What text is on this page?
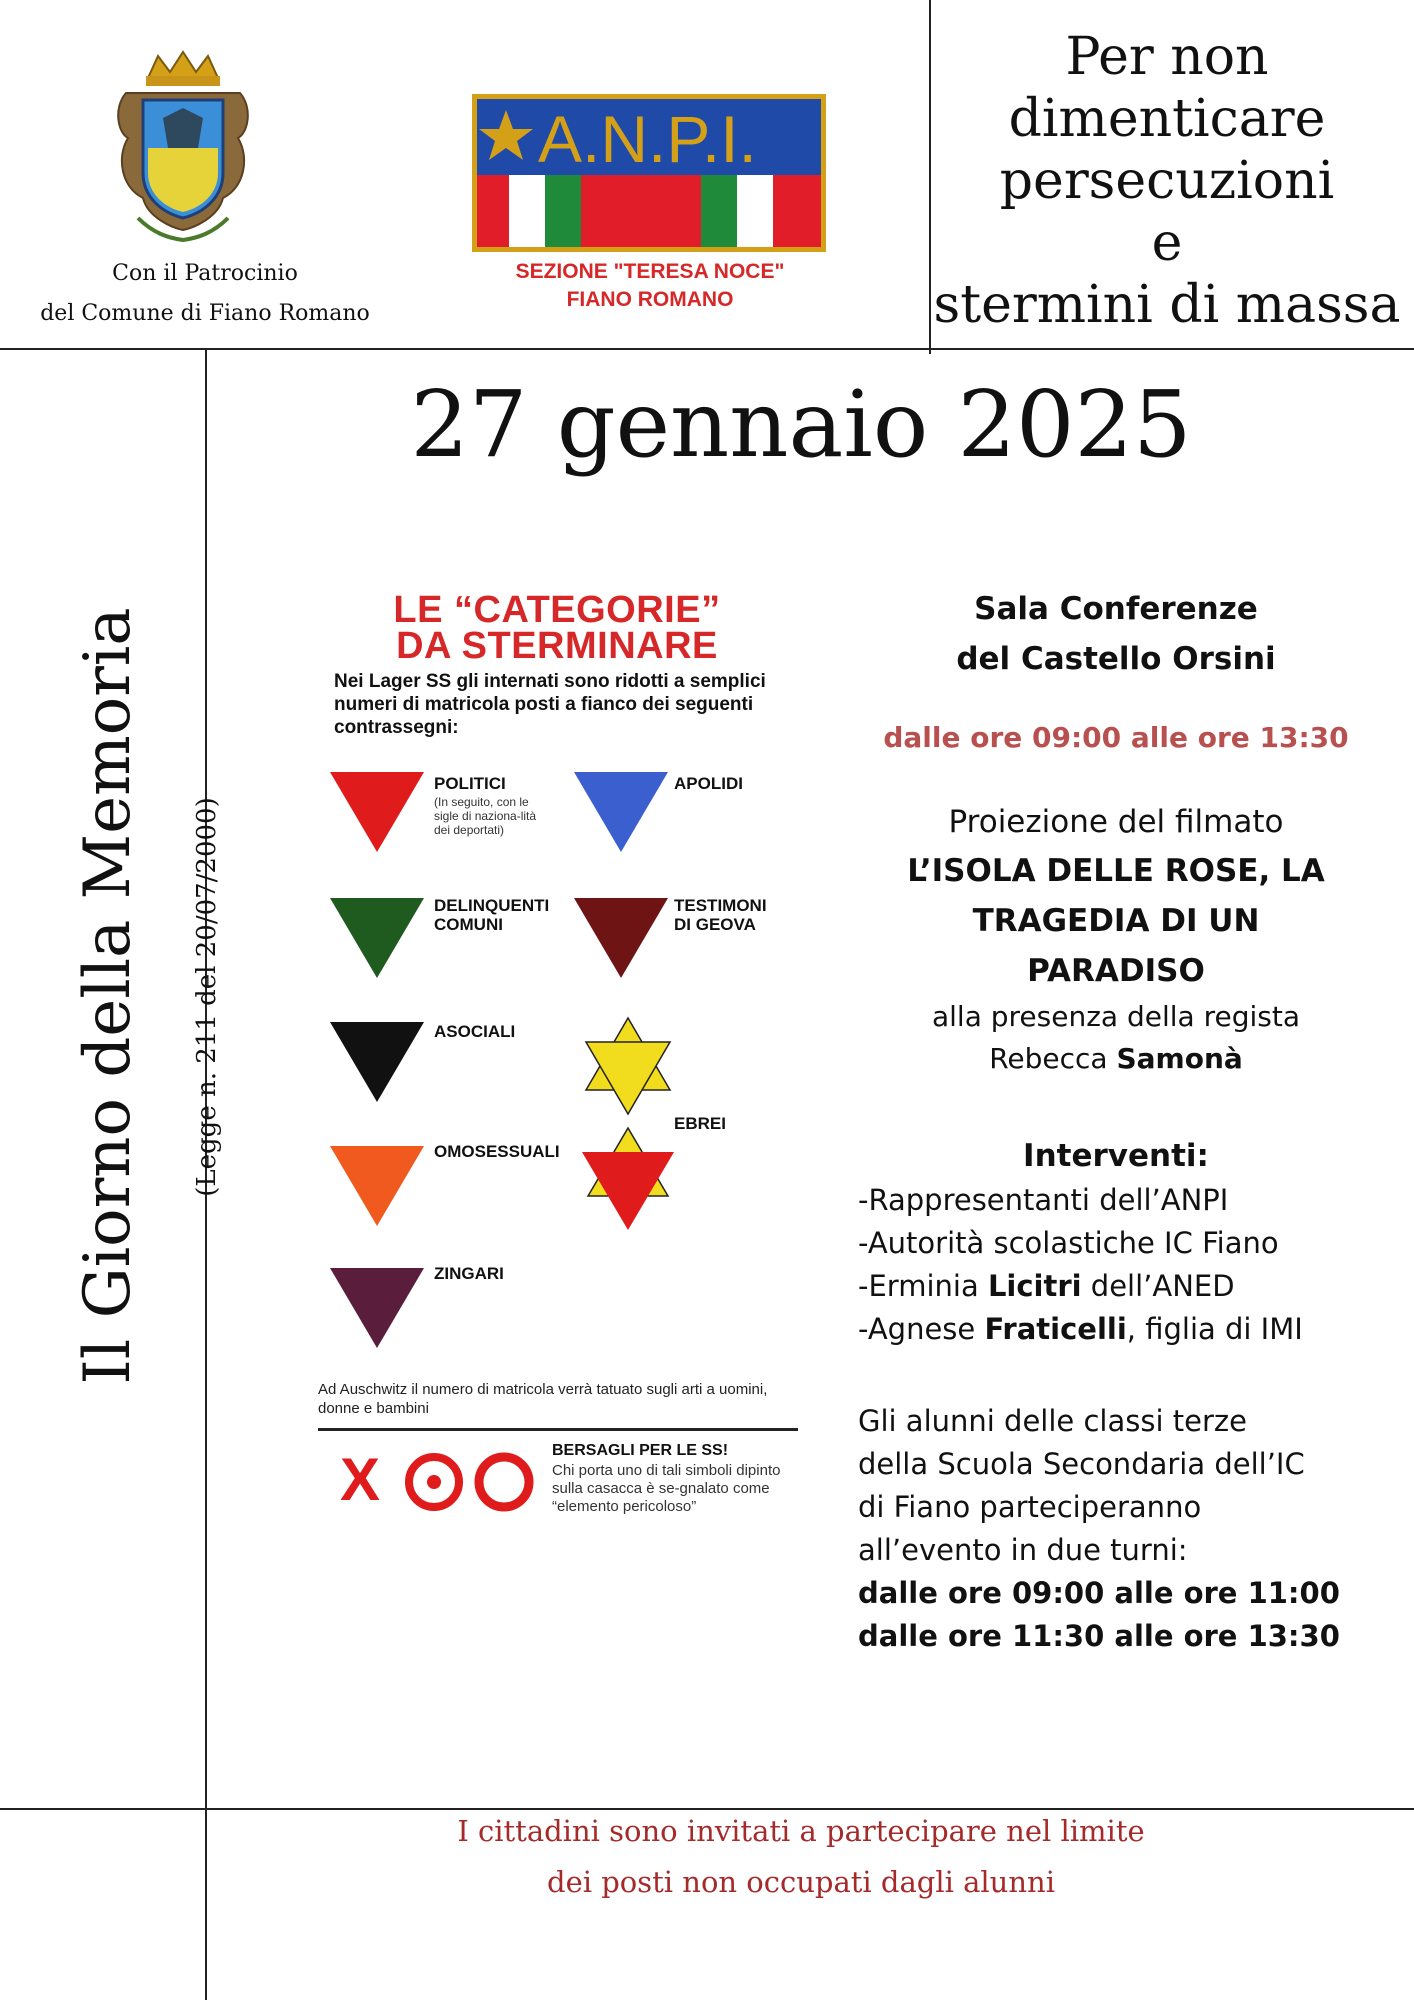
Con il Patrocinio
del Comune di Fiano Romano
A.N.P.I.
SEZIONE "TERESA NOCE"
FIANO ROMANO
Per non
dimenticare
persecuzioni
e
stermini di massa
27 gennaio 2025
Il Giorno della Memoria	(Legge n. 211 del 20/07/2000)
LE “CATEGORIE”
DA STERMINARE
Nei Lager SS gli internati sono ridotti a semplici numeri di matricola posti a fianco dei seguenti contrassegni:
POLITICI
(In seguito, con le sigle di naziona-lità dei deportati)
APOLIDI
DELINQUENTI COMUNI
TESTIMONI DI GEOVA
ASOCIALI
EBREI
OMOSESSUALI
ZINGARI
Ad Auschwitz il numero di matricola verrà tatuato sugli arti a uomini, donne e bambini
X	BERSAGLI PER LE SS!
Chi porta uno di tali simboli dipinto sulla casacca è se-gnalato come “elemento pericoloso”
Sala Conferenze
del Castello Orsini
dalle ore 09:00 alle ore 13:30
Proiezione del filmato
L’ISOLA DELLE ROSE, LA
TRAGEDIA DI UN
PARADISO
alla presenza della regista
Rebecca Samonà
Interventi:
-Rappresentanti dell’ANPI
-Autorità scolastiche IC Fiano
-Erminia Licitri dell’ANED
-Agnese Fraticelli, figlia di IMI
Gli alunni delle classi terze
della Scuola Secondaria dell’IC
di Fiano parteciperanno
all’evento in due turni:
dalle ore 09:00 alle ore 11:00
dalle ore 11:30 alle ore 13:30
I cittadini sono invitati a partecipare nel limite
dei posti non occupati dagli alunni
